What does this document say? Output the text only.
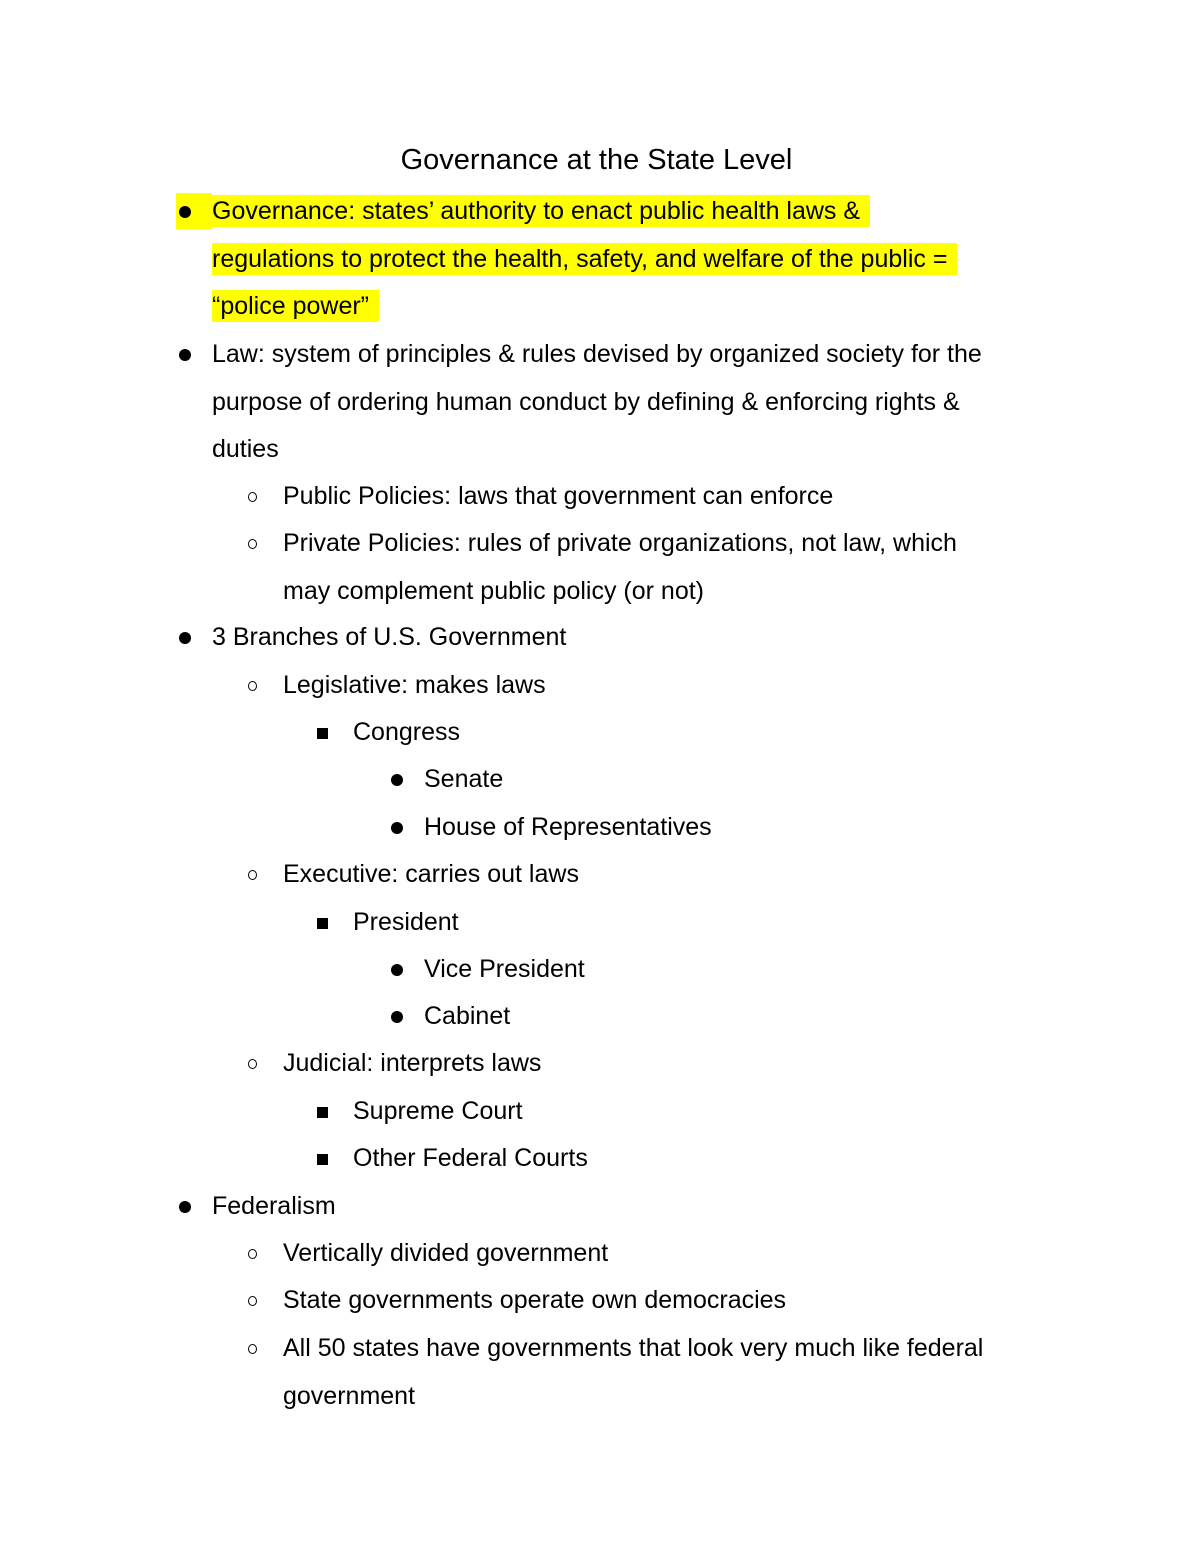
Governance at the State Level
Governance: states’ authority to enact public health laws &
regulations to protect the health, safety, and welfare of the public =
“police power”
Law: system of principles & rules devised by organized society for the
purpose of ordering human conduct by defining & enforcing rights &
duties
Public Policies: laws that government can enforce
Private Policies: rules of private organizations, not law, which
may complement public policy (or not)
3 Branches of U.S. Government
Legislative: makes laws
Congress
Senate
House of Representatives
Executive: carries out laws
President
Vice President
Cabinet
Judicial: interprets laws
Supreme Court
Other Federal Courts
Federalism
Vertically divided government
State governments operate own democracies
All 50 states have governments that look very much like federal
government
